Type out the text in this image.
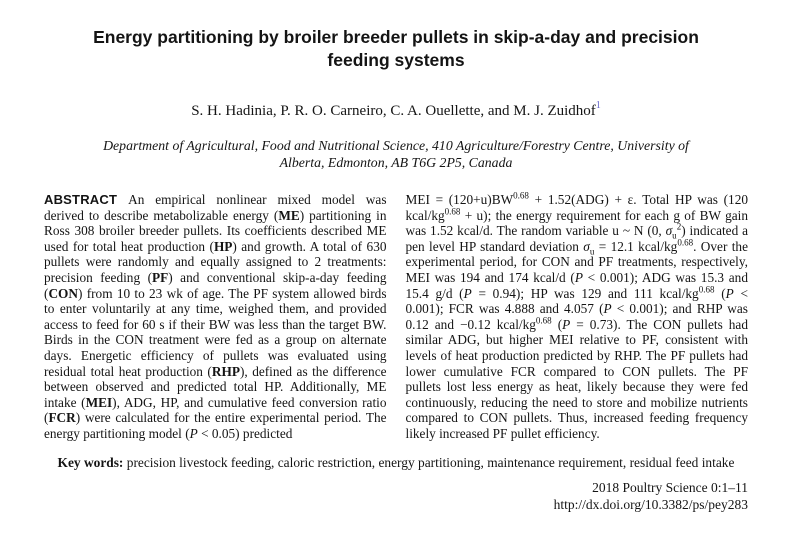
Energy partitioning by broiler breeder pullets in skip-a-day and precision
feeding systems
S. H. Hadinia, P. R. O. Carneiro, C. A. Ouellette, and M. J. Zuidhof$^1$
Department of Agricultural, Food and Nutritional Science, 410 Agriculture/Forestry Centre, University of
Alberta, Edmonton, AB T6G 2P5, Canada
ABSTRACT An empirical nonlinear mixed model was derived to describe metabolizable energy (ME) partitioning in Ross 308 broiler breeder pullets. Its coefficients described ME used for total heat production (HP) and growth. A total of 630 pullets were randomly and equally assigned to 2 treatments: precision feeding (PF) and conventional skip-a-day feeding (CON) from 10 to 23 wk of age. The PF system allowed birds to enter voluntarily at any time, weighed them, and provided access to feed for 60 s if their BW was less than the target BW. Birds in the CON treatment were fed as a group on alternate days. Energetic efficiency of pullets was evaluated using residual total heat production (RHP), defined as the difference between observed and predicted total HP. Additionally, ME intake (MEI), ADG, HP, and cumulative feed conversion ratio (FCR) were calculated for the entire experimental period. The energy partitioning model (P < 0.05) predicted
MEI = $(120+u)BW^{0.68} + 1.52(ADG) + \varepsilon$. Total HP was (120 kcal/$kg^{0.68} + u$); the energy requirement for each g of BW gain was 1.52 kcal/d. The random variable u ~ N (0, $\sigma_u^2$) indicated a pen level HP standard deviation $\sigma_u = 12.1$ kcal/$kg^{0.68}$. Over the experimental period, for CON and PF treatments, respectively, MEI was 194 and 174 kcal/d (P < 0.001); ADG was 15.3 and 15.4 g/d (P = 0.94); HP was 129 and 111 kcal/$kg^{0.68}$ (P < 0.001); FCR was 4.888 and 4.057 (P < 0.001); and RHP was 0.12 and −0.12 kcal/$kg^{0.68}$ (P = 0.73). The CON pullets had similar ADG, but higher MEI relative to PF, consistent with levels of heat production predicted by RHP. The PF pullets had lower cumulative FCR compared to CON pullets. The PF pullets lost less energy as heat, likely because they were fed continuously, reducing the need to store and mobilize nutrients compared to CON pullets. Thus, increased feeding frequency likely increased PF pullet efficiency.
Key words: precision livestock feeding, caloric restriction, energy partitioning, maintenance requirement, residual feed intake
2018 Poultry Science 0:1–11
http://dx.doi.org/10.3382/ps/pey283
